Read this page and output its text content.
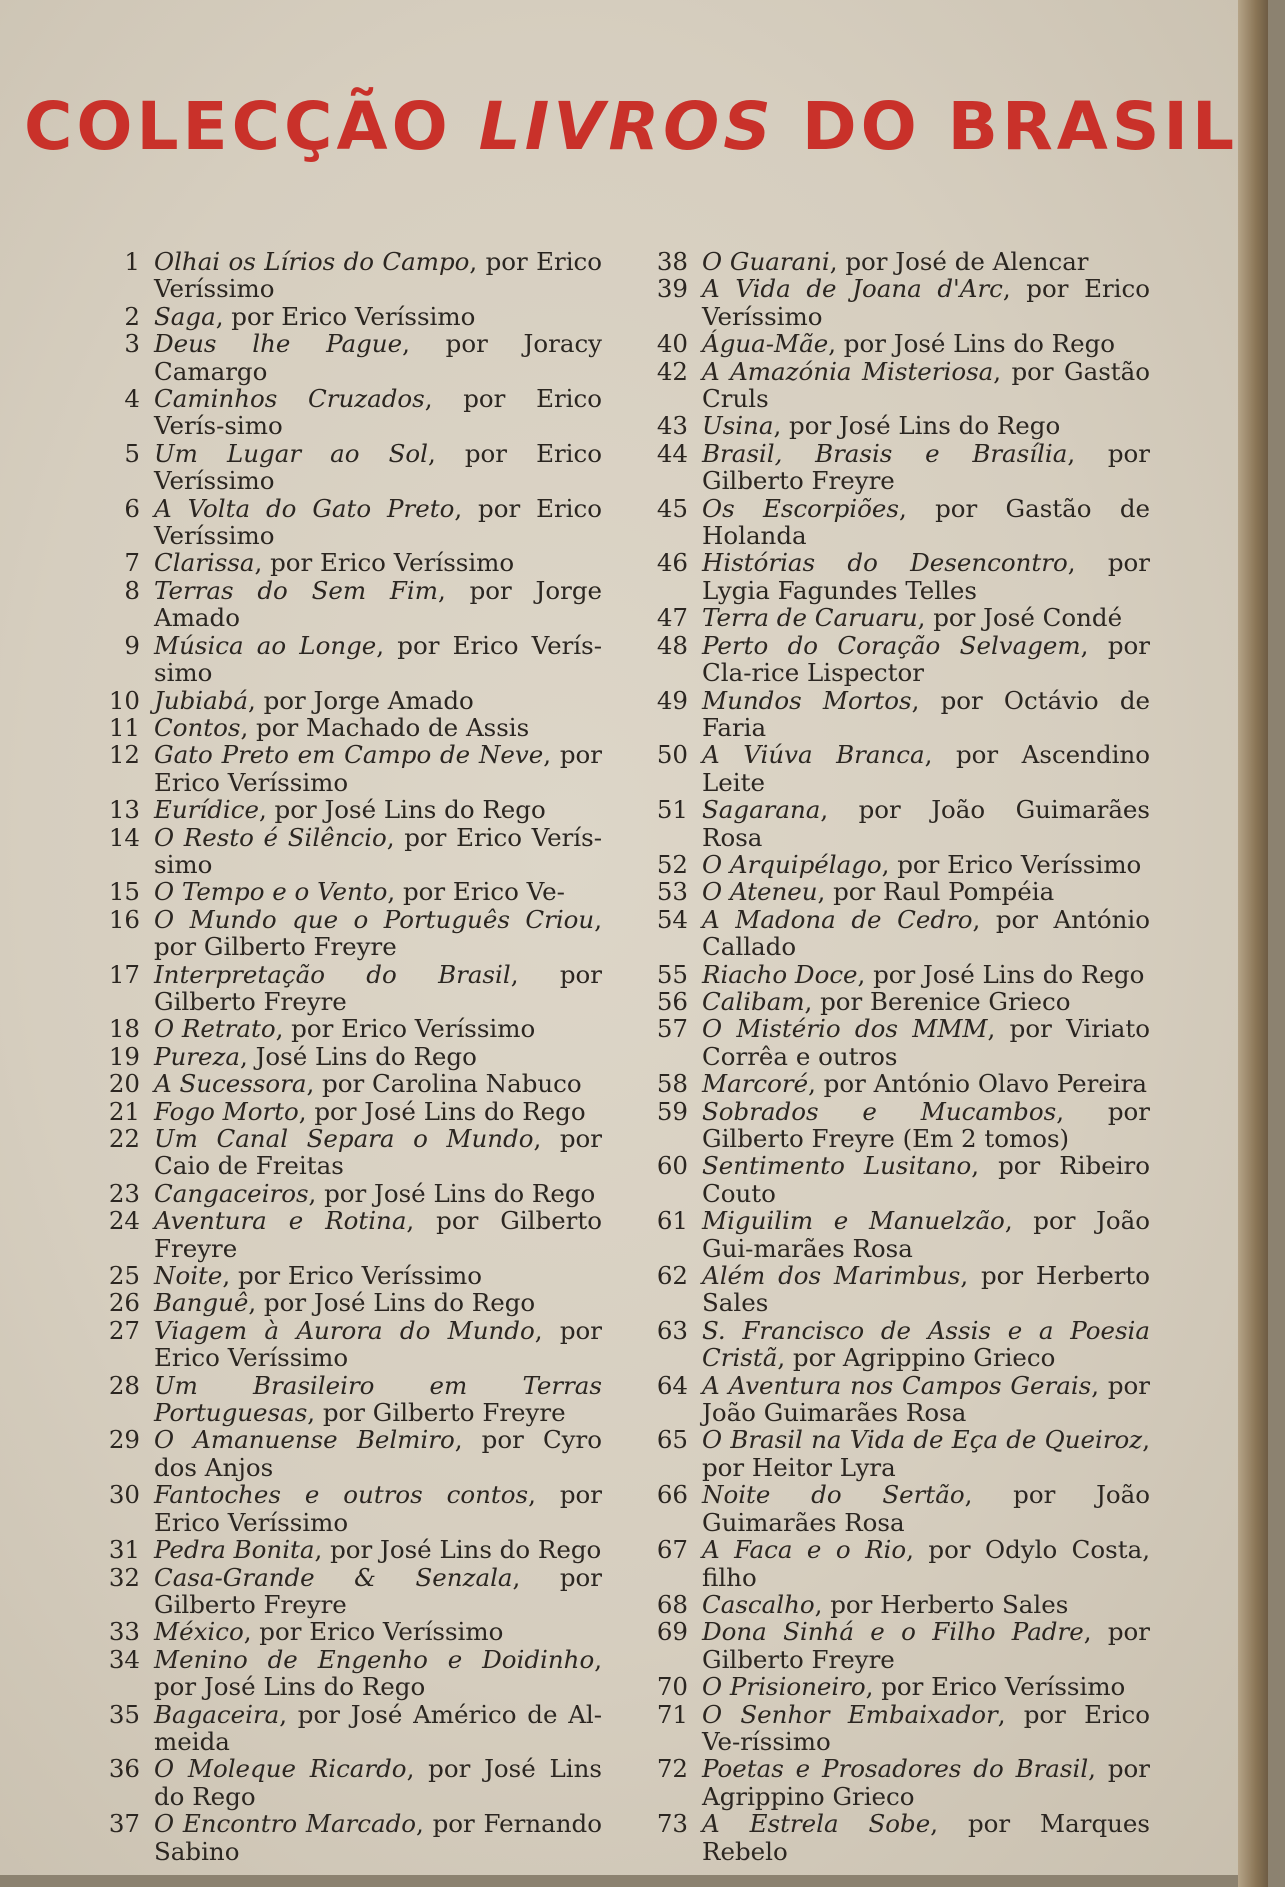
COLECÇÃO LIVROS DO BRASIL
1 Olhai os Lírios do Campo, por Erico Veríssimo
2 Saga, por Erico Veríssimo
3 Deus lhe Pague, por Joracy Camargo
4 Caminhos Cruzados, por Erico Verís-simo
5 Um Lugar ao Sol, por Erico Veríssimo
6 A Volta do Gato Preto, por Erico Veríssimo
7 Clarissa, por Erico Veríssimo
8 Terras do Sem Fim, por Jorge Amado
9 Música ao Longe, por Erico Verís-simo
10 Jubiabá, por Jorge Amado
11 Contos, por Machado de Assis
12 Gato Preto em Campo de Neve, por Erico Veríssimo
13 Eurídice, por José Lins do Rego
14 O Resto é Silêncio, por Erico Verís-simo
15 O Tempo e o Vento, por Erico Ve-
16 O Mundo que o Português Criou, por Gilberto Freyre
17 Interpretação do Brasil, por Gilberto Freyre
18 O Retrato, por Erico Veríssimo
19 Pureza, José Lins do Rego
20 A Sucessora, por Carolina Nabuco
21 Fogo Morto, por José Lins do Rego
22 Um Canal Separa o Mundo, por Caio de Freitas
23 Cangaceiros, por José Lins do Rego
24 Aventura e Rotina, por Gilberto Freyre
25 Noite, por Erico Veríssimo
26 Banguê, por José Lins do Rego
27 Viagem à Aurora do Mundo, por Erico Veríssimo
28 Um Brasileiro em Terras Portuguesas, por Gilberto Freyre
29 O Amanuense Belmiro, por Cyro dos Anjos
30 Fantoches e outros contos, por Erico Veríssimo
31 Pedra Bonita, por José Lins do Rego
32 Casa-Grande & Senzala, por Gilberto Freyre
33 México, por Erico Veríssimo
34 Menino de Engenho e Doidinho, por José Lins do Rego
35 Bagaceira, por José Américo de Al-meida
36 O Moleque Ricardo, por José Lins do Rego
37 O Encontro Marcado, por Fernando Sabino
38 O Guarani, por José de Alencar
39 A Vida de Joana d'Arc, por Erico Veríssimo
40 Água-Mãe, por José Lins do Rego
42 A Amazónia Misteriosa, por Gastão Cruls
43 Usina, por José Lins do Rego
44 Brasil, Brasis e Brasília, por Gilberto Freyre
45 Os Escorpiões, por Gastão de Holanda
46 Histórias do Desencontro, por Lygia Fagundes Telles
47 Terra de Caruaru, por José Condé
48 Perto do Coração Selvagem, por Cla-rice Lispector
49 Mundos Mortos, por Octávio de Faria
50 A Viúva Branca, por Ascendino Leite
51 Sagarana, por João Guimarães Rosa
52 O Arquipélago, por Erico Veríssimo
53 O Ateneu, por Raul Pompéia
54 A Madona de Cedro, por António Callado
55 Riacho Doce, por José Lins do Rego
56 Calibam, por Berenice Grieco
57 O Mistério dos MMM, por Viriato Corrêa e outros
58 Marcoré, por António Olavo Pereira
59 Sobrados e Mucambos, por Gilberto Freyre (Em 2 tomos)
60 Sentimento Lusitano, por Ribeiro Couto
61 Miguilim e Manuelzão, por João Gui-marães Rosa
62 Além dos Marimbus, por Herberto Sales
63 S. Francisco de Assis e a Poesia Cristã, por Agrippino Grieco
64 A Aventura nos Campos Gerais, por João Guimarães Rosa
65 O Brasil na Vida de Eça de Queiroz, por Heitor Lyra
66 Noite do Sertão, por João Guimarães Rosa
67 A Faca e o Rio, por Odylo Costa, filho
68 Cascalho, por Herberto Sales
69 Dona Sinhá e o Filho Padre, por Gilberto Freyre
70 O Prisioneiro, por Erico Veríssimo
71 O Senhor Embaixador, por Erico Ve-ríssimo
72 Poetas e Prosadores do Brasil, por Agrippino Grieco
73 A Estrela Sobe, por Marques Rebelo
